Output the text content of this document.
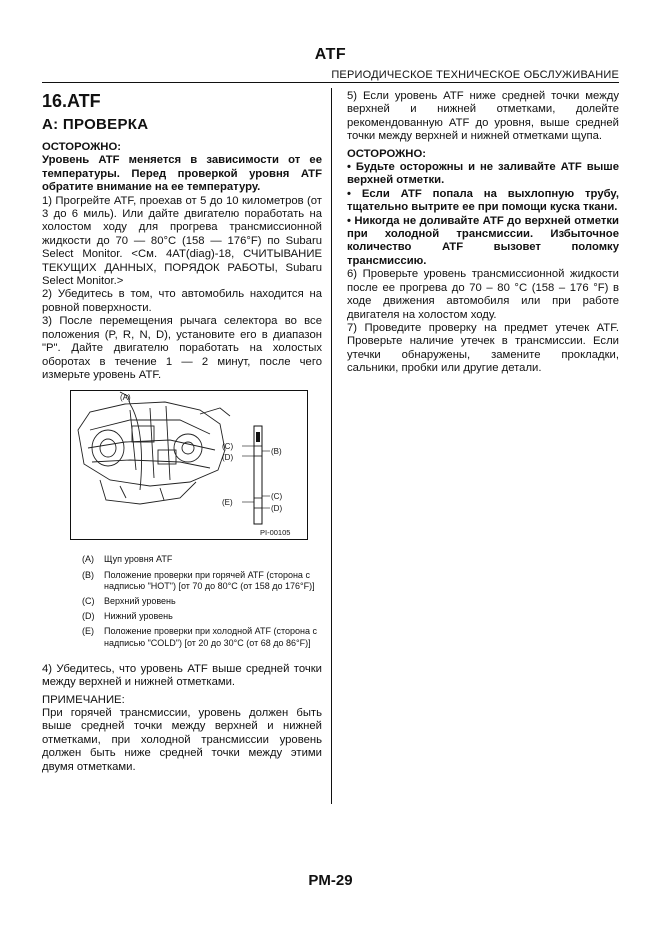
ATF
ПЕРИОДИЧЕСКОЕ ТЕХНИЧЕСКОЕ ОБСЛУЖИВАНИЕ
16.ATF
A: ПРОВЕРКА

ОСТОРОЖНО:

Уровень ATF меняется в зависимости от ее температуры. Перед проверкой уровня ATF обратите внимание на ее температуру.

1) Прогрейте ATF, проехав от 5 до 10 километров (от 3 до 6 миль). Или дайте двигателю поработать на холостом ходу для прогрева трансмиссионной жидкости до 70 — 80°C (158 — 176°F) по Subaru Select Monitor. <См. 4AT(diag)-18, СЧИТЫВАНИЕ ТЕКУЩИХ ДАННЫХ, ПОРЯДОК РАБОТЫ, Subaru Select Monitor.>

2) Убедитесь в том, что автомобиль находится на ровной поверхности.

3) После перемещения рычага селектора во все положения (P, R, N, D), установите его в диапазон "P". Дайте двигателю поработать на холостых оборотах в течение 1 — 2 минут, после чего измерьте уровень ATF.

(A)
(C)
(D)
(B)
(E)
(C)
(D)
PI-00105
(A)	Щуп уровня ATF
(B)	Положение проверки при горячей ATF (сторона с надписью "HOT") [от 70 до 80°C (от 158 до 176°F)]
(C)	Верхний уровень
(D)	Нижний уровень
(E)	Положение проверки при холодной ATF (сторона с надписью "COLD") [от 20 до 30°C (от 68 до 86°F)]

4) Убедитесь, что уровень ATF выше средней точки между верхней и нижней отметками.

ПРИМЕЧАНИЕ:

При горячей трансмиссии, уровень должен быть выше средней точки между верхней и нижней отметками, при холодной трансмиссии уровень должен быть ниже средней точки между этими двумя отметками.

5) Если уровень ATF ниже средней точки между верхней и нижней отметками, долейте рекомендованную ATF до уровня, выше средней точки между верхней и нижней отметками щупа.

ОСТОРОЖНО:

• Будьте осторожны и не заливайте ATF выше верхней отметки.

• Если ATF попала на выхлопную трубу, тщательно вытрите ее при помощи куска ткани.

• Никогда не доливайте ATF до верхней отметки при холодной трансмиссии. Избыточное количество ATF вызовет поломку трансмиссию.

6) Проверьте уровень трансмиссионной жидкости после ее прогрева до 70 – 80 °C (158 – 176 °F) в ходе движения автомобиля или при работе двигателя на холостом ходу.

7) Проведите проверку на предмет утечек ATF. Проверьте наличие утечек в трансмиссии. Если утечки обнаружены, замените прокладки, сальники, пробки или другие детали.

PM-29
